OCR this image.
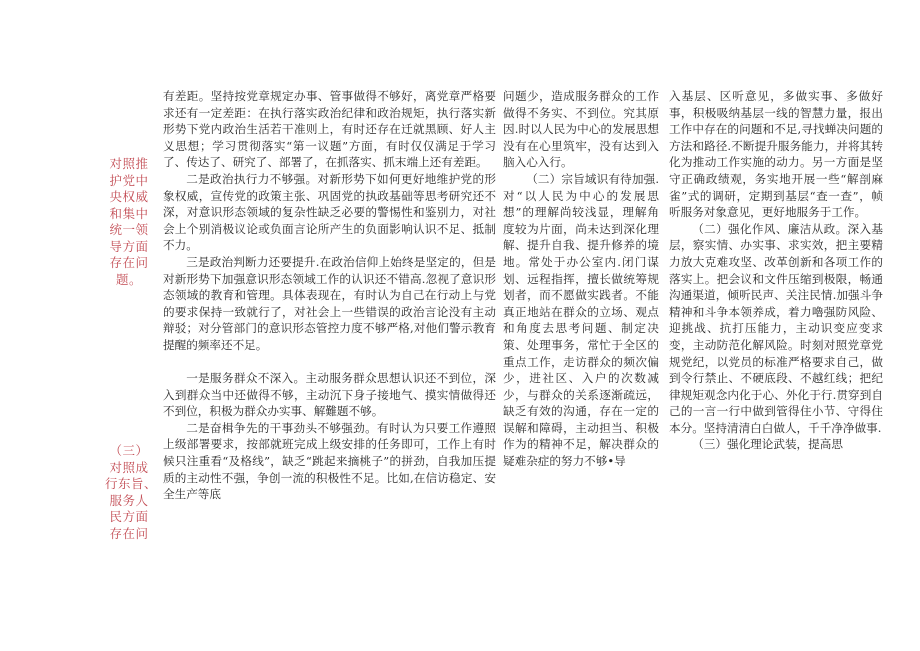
对照推
护党中
央权威
和集中
统一领
导方面
存在问
题。
（三）
对照成
行东旨、
服务人
民方面
存在问

有差距。坚持按党章规定办事、管事做得不够好，离党章严格要求还有一定差距：在执行落实政治纪律和政治规矩，执行落实新形势下党内政治生活若干准则上，有时还存在迁就黑顾、好人主义思想；学习贯彻落实“第一议题”方面，有时仅仅满足于学习了、传达了、研究了、部署了，在抓落实、抓末端上还有差距。

二是政治执行力不够强。对新形势下如何更好地维护党的形象权威，宣传党的政策主张、巩固党的执政基础等思考研究还不深，对意识形态领域的复杂性缺乏必要的警惕性和鉴别力，对社会上个别消极议论或负面言论所产生的负面影响认识不足、抵制不力。

三是政治判断力还要提升.在政治信仰上始终是坚定的，但是对新形势下加强意识形态领域工作的认识还不错高.忽视了意识形态领域的教育和管理。具体表现在，有时认为自己在行动上与党的要求保持一致就行了，对社会上一些错误的政治言论没有主动辩驳；对分管部门的意识形态管控力度不够严格,对他们警示教育提醒的频率还不足。

一是服务群众不深入。主动服务群众思想认识还不到位，深入到群众当中还做得不够，主动沉下身子接地气、摸实情做得还不到位，积极为群众办实事、解難题不够。

二是奋楫争先的干事劲头不够强劲。有时认为只要工作遵照上级部署要求，按部就班完成上级安排的任务即可，工作上有时候只注重看“及格线”，缺乏“跳起来摘桃子”的拼劲，自我加压提质的主动性不强，争创一流的积极性不足。比如,在信访稳定、安全生产等底

问题少，造成服务群众的工作做得不务实、不到位。究其原因.时以人民为中心的发展思想没有在心里筑牢，没有达到入脑入心入行。

（二）宗旨域识有待加强.对“以人民为中心的发展思想”的理解尚较浅显，理解角度较为片面，尚未达到深化理解、提升自我、提升修养的境地。常处于办公室内.闭门谋划、远程指挥，擅长做统筹规划者，而不愿做实践者。不能真正地站在群众的立场、观点和角度去思考问题、制定决策、处理事务，常忙于全区的重点工作，走访群众的频次偏少，进社区、入户的次数减少，与群众的关系逐渐疏远，缺乏有效的沟通，存在一定的误解和障碍，主动担当、积极作为的精神不足，解决群众的疑难杂症的努力不够•导

入基层、区听意见，多做实事、多做好事，积极吸纳基层一线的智慧力量，报出工作中存在的问题和不足,寻找蝉决问题的方法和路径.不断提升服务能力，并将其转化为推动工作实施的动力。另一方面是坚守正确政绩观，务实地开展一些“解剖麻雀”式的调研，定期到基层“查一查”，帧听服务对象意见，更好地服务于工作。

（二）强化作风、廉洁从政。深入基层，察实情、办实事、求实效，把主要精力放大克难攻坚、改革创新和各项工作的落实上。把会议和文件压缩到极限，畅通沟通渠道，倾听民声、关注民情.加强斗争精神和斗争本领养成，着力嚕强防风险、迎挑战、抗打压能力，主动识变应变求变，主动防范化解风险。时刻对照党章党规党纪，以党员的标准严格要求自己，做到令行禁止、不硬底段、不越红线；把纪律规矩观念内化于心、外化于行.贯穿到自己的一言一行中做到管得住小节、守得住本分。坚持清清白白做人，千千净净做事.

（三）强化理论武装，提高思
